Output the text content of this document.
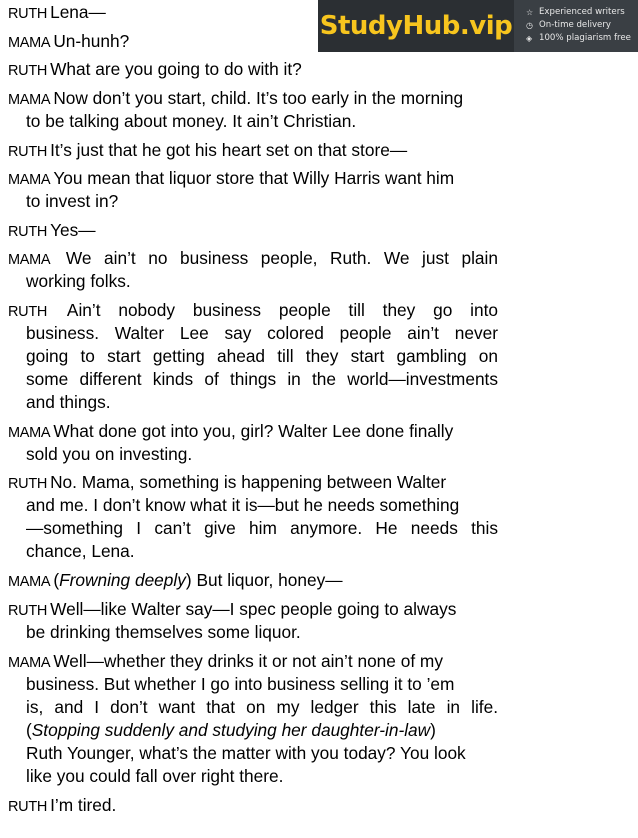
RUTH Lena—
MAMA Un-hunh?
RUTH What are you going to do with it?
MAMA Now don’t you start, child. It’s too early in the morning
to be talking about money. It ain’t Christian.
RUTH It’s just that he got his heart set on that store—
MAMA You mean that liquor store that Willy Harris want him
to invest in?
RUTH Yes—
MAMA We ain’t no business people, Ruth. We just plain
working folks.
RUTH Ain’t nobody business people till they go into
business. Walter Lee say colored people ain’t never
going to start getting ahead till they start gambling on
some different kinds of things in the world—investments
and things.
MAMA What done got into you, girl? Walter Lee done finally
sold you on investing.
RUTH No. Mama, something is happening between Walter
and me. I don’t know what it is—but he needs something
—something I can’t give him anymore. He needs this
chance, Lena.
MAMA (Frowning deeply) But liquor, honey—
RUTH Well—like Walter say—I spec people going to always
be drinking themselves some liquor.
MAMA Well—whether they drinks it or not ain’t none of my
business. But whether I go into business selling it to ’em
is, and I don’t want that on my ledger this late in life.
(Stopping suddenly and studying her daughter-in-law)
Ruth Younger, what’s the matter with you today? You look
like you could fall over right there.
RUTH I’m tired.
StudyHub.vip ☆ Experienced writers
◷ On-time delivery
◈ 100% plagiarism free
